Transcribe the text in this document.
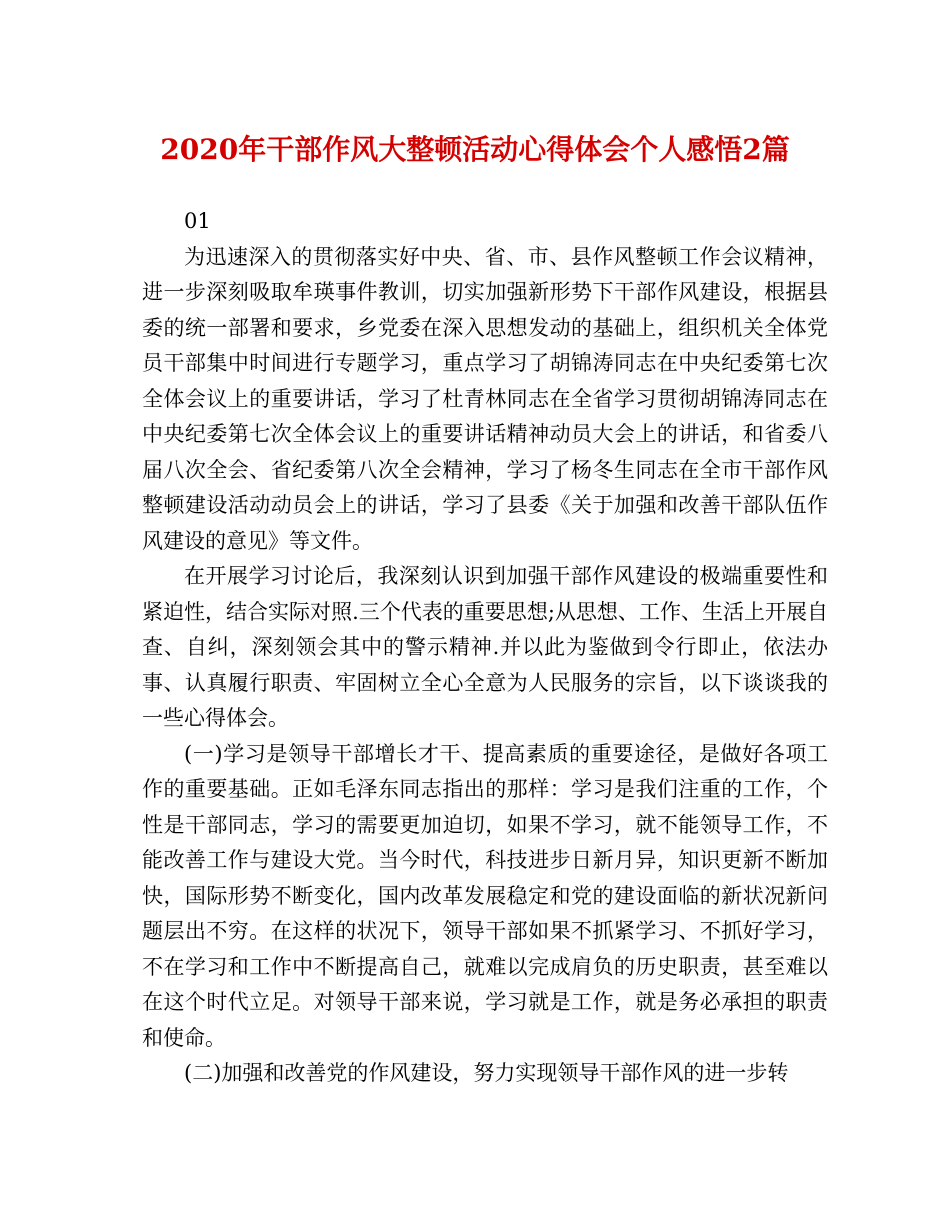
2020年干部作风大整顿活动心得体会个人感悟2篇

01

为迅速深入的贯彻落实好中央、省、市、县作风整顿工作会议精神，进一步深刻吸取牟瑛事件教训，切实加强新形势下干部作风建设，根据县委的统一部署和要求，乡党委在深入思想发动的基础上，组织机关全体党员干部集中时间进行专题学习，重点学习了胡锦涛同志在中央纪委第七次全体会议上的重要讲话，学习了杜青林同志在全省学习贯彻胡锦涛同志在中央纪委第七次全体会议上的重要讲话精神动员大会上的讲话，和省委八届八次全会、省纪委第八次全会精神，学习了杨冬生同志在全市干部作风整顿建设活动动员会上的讲话，学习了县委《关于加强和改善干部队伍作风建设的意见》等文件。

在开展学习讨论后，我深刻认识到加强干部作风建设的极端重要性和紧迫性，结合实际对照.三个代表的重要思想;从思想、工作、生活上开展自查、自纠，深刻领会其中的警示精神.并以此为鉴做到令行即止，依法办事、认真履行职责、牢固树立全心全意为人民服务的宗旨，以下谈谈我的一些心得体会。

(一)学习是领导干部增长才干、提高素质的重要途径，是做好各项工作的重要基础。正如毛泽东同志指出的那样：学习是我们注重的工作，个性是干部同志，学习的需要更加迫切，如果不学习，就不能领导工作，不能改善工作与建设大党。当今时代，科技进步日新月异，知识更新不断加快，国际形势不断变化，国内改革发展稳定和党的建设面临的新状况新问题层出不穷。在这样的状况下，领导干部如果不抓紧学习、不抓好学习，不在学习和工作中不断提高自己，就难以完成肩负的历史职责，甚至难以在这个时代立足。对领导干部来说，学习就是工作，就是务必承担的职责和使命。

(二)加强和改善党的作风建设，努力实现领导干部作风的进一步转
